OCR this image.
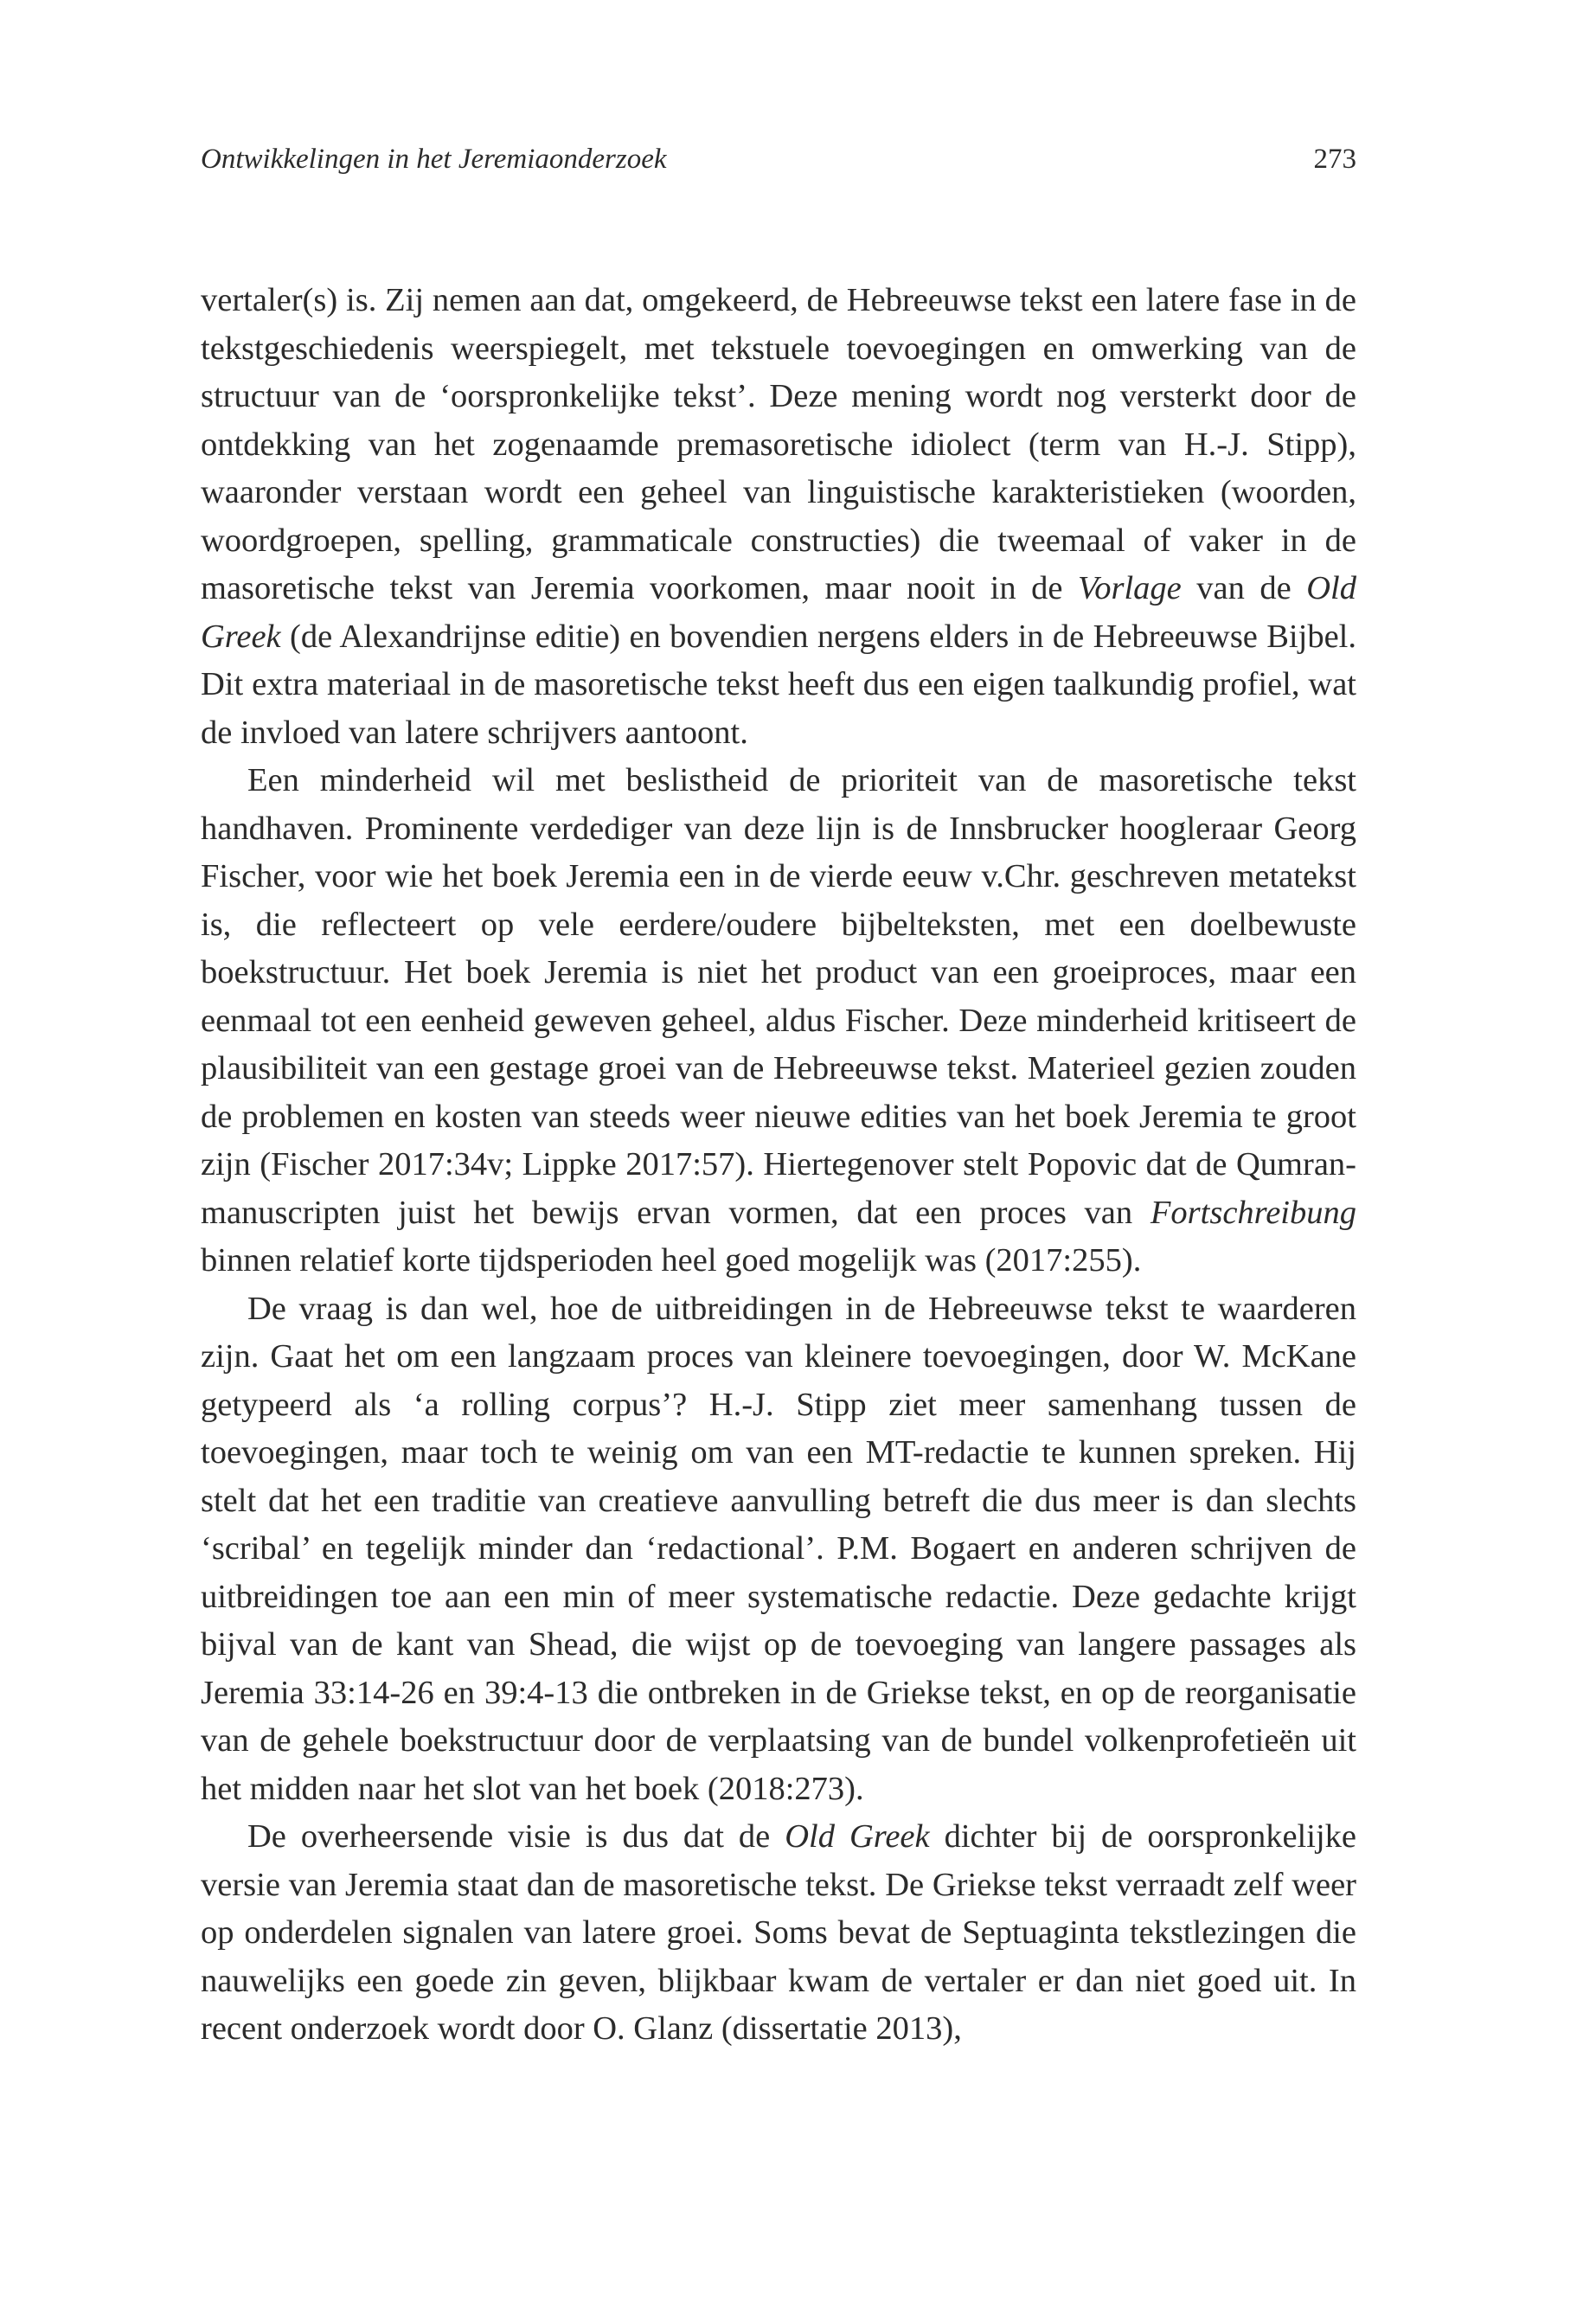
Ontwikkelingen in het Jeremiaonderzoek	273

vertaler(s) is. Zij nemen aan dat, omgekeerd, de Hebreeuwse tekst een latere fase in de tekstgeschiedenis weerspiegelt, met tekstuele toevoegingen en omwerking van de structuur van de ‘oorspronkelijke tekst’. Deze mening wordt nog versterkt door de ontdekking van het zogenaamde premasoretische idiolect (term van H.-J. Stipp), waaronder verstaan wordt een geheel van linguistische karakteristieken (woorden, woordgroepen, spelling, grammaticale constructies) die tweemaal of vaker in de masoretische tekst van Jeremia voorkomen, maar nooit in de Vorlage van de Old Greek (de Alexandrijnse editie) en bovendien nergens elders in de Hebreeuwse Bijbel. Dit extra materiaal in de masoretische tekst heeft dus een eigen taalkundig profiel, wat de invloed van latere schrijvers aantoont.

Een minderheid wil met beslistheid de prioriteit van de masoretische tekst handhaven. Prominente verdediger van deze lijn is de Innsbrucker hoogleraar Georg Fischer, voor wie het boek Jeremia een in de vierde eeuw v.Chr. geschreven metatekst is, die reflecteert op vele eerdere/oudere bijbelteksten, met een doelbewuste boekstructuur. Het boek Jeremia is niet het product van een groeiproces, maar een eenmaal tot een eenheid geweven geheel, aldus Fischer. Deze minderheid kritiseert de plausibiliteit van een gestage groei van de Hebreeuwse tekst. Materieel gezien zouden de problemen en kosten van steeds weer nieuwe edities van het boek Jeremia te groot zijn (Fischer 2017:34v; Lippke 2017:57). Hiertegenover stelt Popovic dat de Qumranmanuscripten juist het bewijs ervan vormen, dat een proces van Fortschreibung binnen relatief korte tijdsperioden heel goed mogelijk was (2017:255).

De vraag is dan wel, hoe de uitbreidingen in de Hebreeuwse tekst te waarderen zijn. Gaat het om een langzaam proces van kleinere toevoegingen, door W. McKane getypeerd als ‘a rolling corpus’? H.-J. Stipp ziet meer samenhang tussen de toevoegingen, maar toch te weinig om van een MT-redactie te kunnen spreken. Hij stelt dat het een traditie van creatieve aanvulling betreft die dus meer is dan slechts ‘scribal’ en tegelijk minder dan ‘redactional’. P.M. Bogaert en anderen schrijven de uitbreidingen toe aan een min of meer systematische redactie. Deze gedachte krijgt bijval van de kant van Shead, die wijst op de toevoeging van langere passages als Jeremia 33:14-26 en 39:4-13 die ontbreken in de Griekse tekst, en op de reorganisatie van de gehele boekstructuur door de verplaatsing van de bundel volkenprofetieën uit het midden naar het slot van het boek (2018:273).

De overheersende visie is dus dat de Old Greek dichter bij de oorspronkelijke versie van Jeremia staat dan de masoretische tekst. De Griekse tekst verraadt zelf weer op onderdelen signalen van latere groei. Soms bevat de Septuaginta tekstlezingen die nauwelijks een goede zin geven, blijkbaar kwam de vertaler er dan niet goed uit. In recent onderzoek wordt door O. Glanz (dissertatie 2013),
